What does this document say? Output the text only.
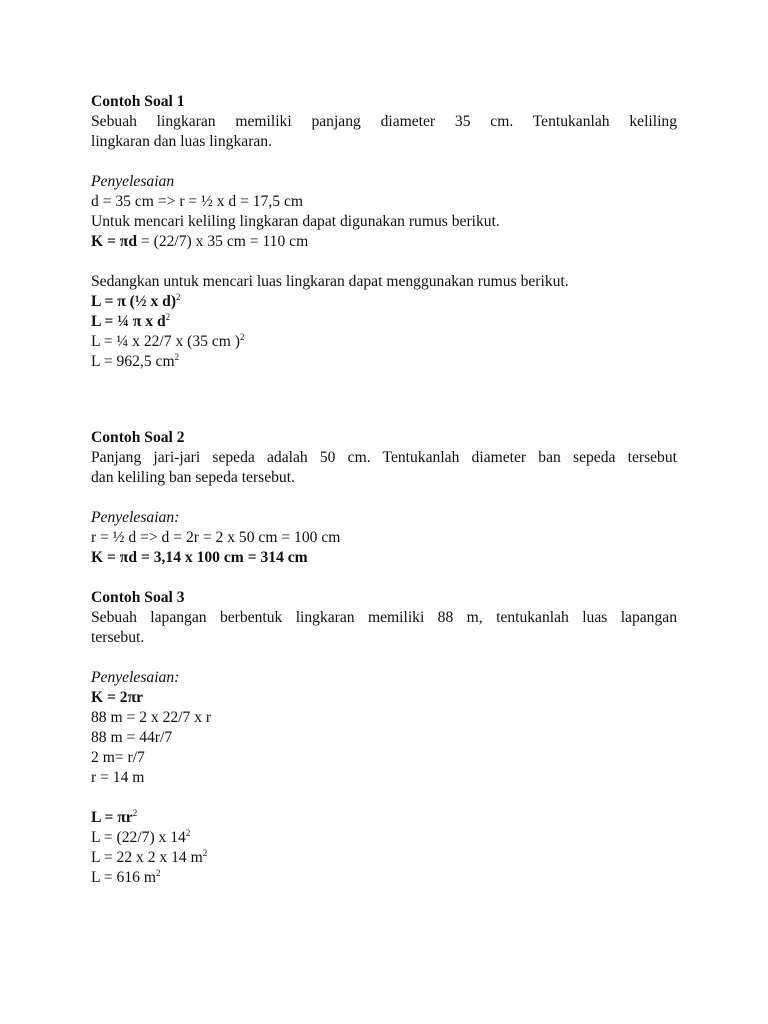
Contoh Soal 1
Sebuah lingkaran memiliki panjang diameter 35 cm. Tentukanlah keliling
lingkaran dan luas lingkaran.
Penyelesaian
d = 35 cm => r = ½ x d = 17,5 cm
Untuk mencari keliling lingkaran dapat digunakan rumus berikut.
K = πd = (22/7) x 35 cm = 110 cm
Sedangkan untuk mencari luas lingkaran dapat menggunakan rumus berikut.
L = π (½ x d)$^2$
L = ¼ π x $d^2$
L = ¼ x 22/7 x (35 cm )$^2$
L = 962,5 $cm^2$
Contoh Soal 2
Panjang jari-jari sepeda adalah 50 cm. Tentukanlah diameter ban sepeda tersebut
dan keliling ban sepeda tersebut.
Penyelesaian:
r = ½ d => d = 2r = 2 x 50 cm = 100 cm
K = πd = 3,14 x 100 cm = 314 cm
Contoh Soal 3
Sebuah lapangan berbentuk lingkaran memiliki 88 m, tentukanlah luas lapangan
tersebut.
Penyelesaian:
K = 2πr
88 m = 2 x 22/7 x r
88 m = 44r/7
2 m= r/7
r = 14 m
$L = \pi r^2$
L = (22/7) x $14^2$
L = 22 x 2 x 14 $m^2$
L = 616 $m^2$
